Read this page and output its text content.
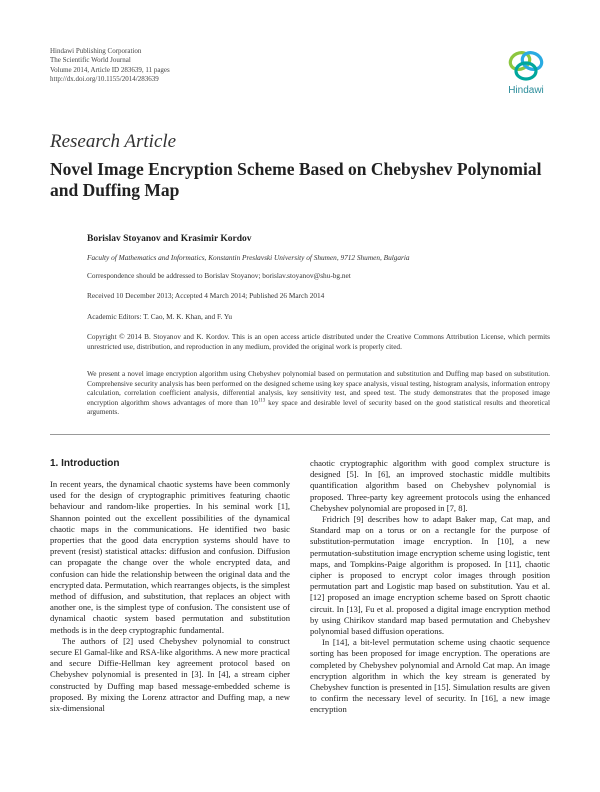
Hindawi Publishing Corporation
The Scientific World Journal
Volume 2014, Article ID 283639, 11 pages
http://dx.doi.org/10.1155/2014/283639
Hindawi
Research Article
Novel Image Encryption Scheme Based on Chebyshev Polynomial and Duffing Map
Borislav Stoyanov and Krasimir Kordov
Faculty of Mathematics and Informatics, Konstantin Preslavski University of Shumen, 9712 Shumen, Bulgaria
Correspondence should be addressed to Borislav Stoyanov; borislav.stoyanov@shu-bg.net
Received 10 December 2013; Accepted 4 March 2014; Published 26 March 2014
Academic Editors: T. Cao, M. K. Khan, and F. Yu
Copyright © 2014 B. Stoyanov and K. Kordov. This is an open access article distributed under the Creative Commons Attribution License, which permits unrestricted use, distribution, and reproduction in any medium, provided the original work is properly cited.
We present a novel image encryption algorithm using Chebyshev polynomial based on permutation and substitution and Duffing map based on substitution. Comprehensive security analysis has been performed on the designed scheme using key space analysis, visual testing, histogram analysis, information entropy calculation, correlation coefficient analysis, differential analysis, key sensitivity test, and speed test. The study demonstrates that the proposed image encryption algorithm shows advantages of more than $10^{113}$ key space and desirable level of security based on the good statistical results and theoretical arguments.
1. Introduction

In recent years, the dynamical chaotic systems have been commonly used for the design of cryptographic primitives featuring chaotic behaviour and random-like properties. In his seminal work [1], Shannon pointed out the excellent possibilities of the dynamical chaotic maps in the communications. He identified two basic properties that the good data encryption systems should have to prevent (resist) statistical attacks: diffusion and confusion. Diffusion can propagate the change over the whole encrypted data, and confusion can hide the relationship between the original data and the encrypted data. Permutation, which rearranges objects, is the simplest method of diffusion, and substitution, that replaces an object with another one, is the simplest type of confusion. The consistent use of dynamical chaotic system based permutation and substitution methods is in the deep cryptographic fundamental.

The authors of [2] used Chebyshev polynomial to construct secure El Gamal-like and RSA-like algorithms. A new more practical and secure Diffie-Hellman key agreement protocol based on Chebyshev polynomial is presented in [3]. In [4], a stream cipher constructed by Duffing map based message-embedded scheme is proposed. By mixing the Lorenz attractor and Duffing map, a new six-dimensional

chaotic cryptographic algorithm with good complex structure is designed [5]. In [6], an improved stochastic middle multibits quantification algorithm based on Chebyshev polynomial is proposed. Three-party key agreement protocols using the enhanced Chebyshev polynomial are proposed in [7, 8].

Fridrich [9] describes how to adapt Baker map, Cat map, and Standard map on a torus or on a rectangle for the purpose of substitution-permutation image encryption. In [10], a new permutation-substitution image encryption scheme using logistic, tent maps, and Tompkins-Paige algorithm is proposed. In [11], chaotic cipher is proposed to encrypt color images through position permutation part and Logistic map based on substitution. Yau et al. [12] proposed an image encryption scheme based on Sprott chaotic circuit. In [13], Fu et al. proposed a digital image encryption method by using Chirikov standard map based permutation and Chebyshev polynomial based diffusion operations.

In [14], a bit-level permutation scheme using chaotic sequence sorting has been proposed for image encryption. The operations are completed by Chebyshev polynomial and Arnold Cat map. An image encryption algorithm in which the key stream is generated by Chebyshev function is presented in [15]. Simulation results are given to confirm the necessary level of security. In [16], a new image encryption
